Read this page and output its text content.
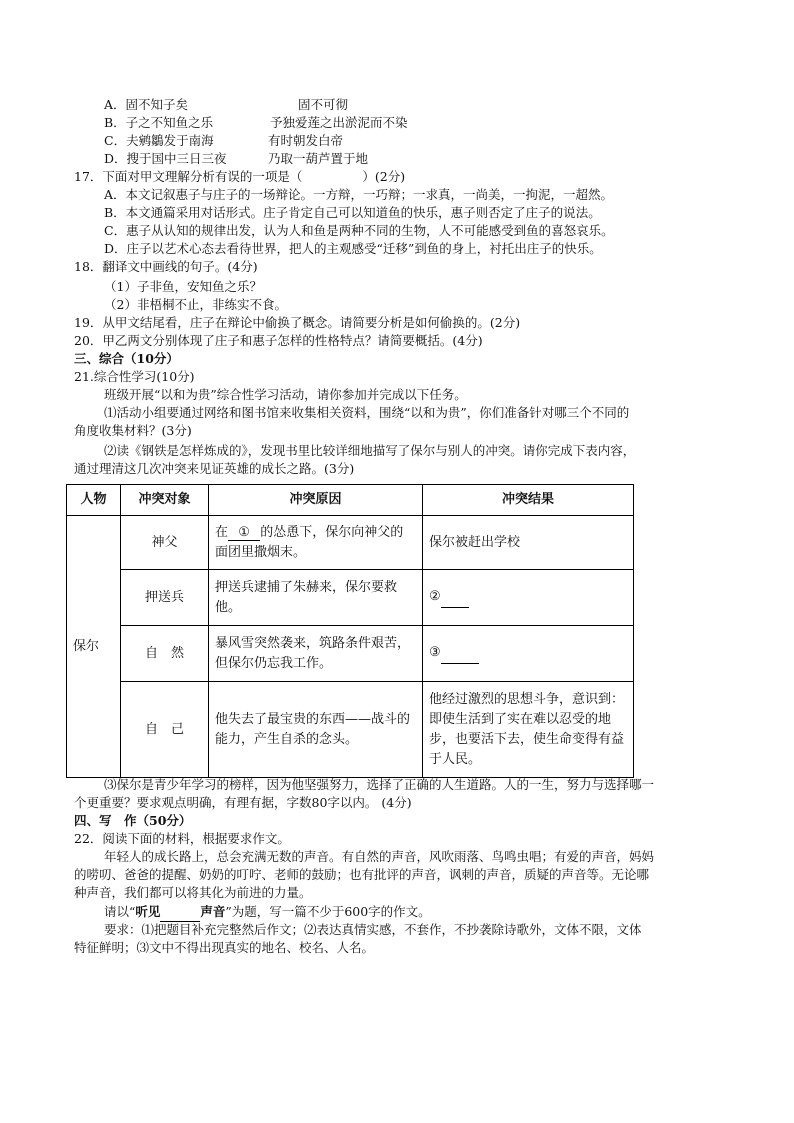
A．固不知子矣	固不可彻
B．子之不知鱼之乐	予独爱莲之出淤泥而不染
C．夫鹓鶵发于南海	有时朝发白帝
D．搜于国中三日三夜	乃取一葫芦置于地
17．下面对甲文理解分析有误的一项是（	）(2分)
A．本文记叙惠子与庄子的一场辩论。一方辩，一巧辩；一求真，一尚美，一拘泥，一超然。
B．本文通篇采用对话形式。庄子肯定自己可以知道鱼的快乐，惠子则否定了庄子的说法。
C．惠子从认知的规律出发，认为人和鱼是两种不同的生物，人不可能感受到鱼的喜怒哀乐。
D．庄子以艺术心态去看待世界，把人的主观感受“迁移”到鱼的身上，衬托出庄子的快乐。
18．翻译文中画线的句子。(4分)
（1）子非鱼，安知鱼之乐？
（2）非梧桐不止，非练实不食。
19．从甲文结尾看，庄子在辩论中偷换了概念。请简要分析是如何偷换的。(2分)
20．甲乙两文分别体现了庄子和惠子怎样的性格特点？请简要概括。(4分)
三、综合（10分）
21.综合性学习(10分)
班级开展“以和为贵”综合性学习活动，请你参加并完成以下任务。
⑴活动小组要通过网络和图书馆来收集相关资料，围绕“以和为贵”，你们准备针对哪三个不同的
角度收集材料？(3分)
⑵读《钢铁是怎样炼成的》，发现书里比较详细地描写了保尔与别人的冲突。请你完成下表内容，
通过理清这几次冲突来见证英雄的成长之路。(3分)
人物	冲突对象	冲突原因	冲突结果
保尔	神父	在 ① 的怂恿下，保尔向神父的面团里撒烟末。	保尔被赶出学校
	押送兵	押送兵逮捕了朱赫来，保尔要救他。	②
	自　然	暴风雪突然袭来，筑路条件艰苦，但保尔仍忘我工作。	③
	自　己	他失去了最宝贵的东西——战斗的能力，产生自杀的念头。	他经过激烈的思想斗争，意识到：即使生活到了实在难以忍受的地步，也要活下去，使生命变得有益于人民。
⑶保尔是青少年学习的榜样，因为他坚强努力，选择了正确的人生道路。人的一生，努力与选择哪一
个更重要？要求观点明确，有理有据，字数80字以内。 (4分)
四、写　作（50分）
22．阅读下面的材料，根据要求作文。
年轻人的成长路上，总会充满无数的声音。有自然的声音，风吹雨落、鸟鸣虫唱；有爱的声音，妈妈
的唠叨、爸爸的提醒、奶奶的叮咛、老师的鼓励；也有批评的声音，讽刺的声音，质疑的声音等。无论哪
种声音，我们都可以将其化为前进的力量。
请以“听见	声音”为题，写一篇不少于600字的作文。
要求：⑴把题目补充完整然后作文；⑵表达真情实感，不套作，不抄袭除诗歌外，文体不限，文体
特征鲜明；⑶文中不得出现真实的地名、校名、人名。
